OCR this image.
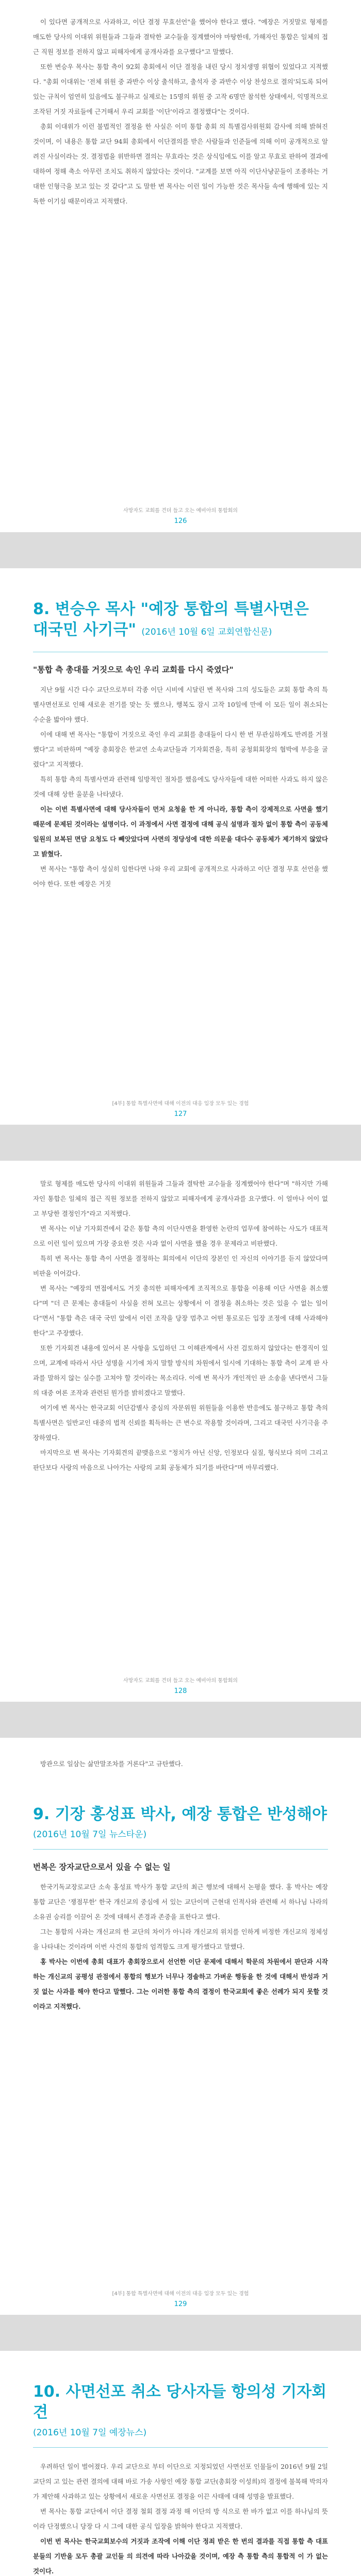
이 있다면 공개적으로 사과하고, 이단 결정 무효선언"을 했어야 한다고 했다. "예장은 거짓말로 형제를 매도한 당사의 이대위 위원들과 그들과 결탁한 교수들을 징계했어야 마땅한데, 가해자인 통합은 일체의 접근 직원 정보를 전하지 않고 피해자에게 공개사과를 요구했다"고 말했다.

또한 변승우 목사는 통합 측이 92회 총회에서 이단 결정을 내린 당시 정치생명 위협이 있었다고 지적했다. "총회 이대위는 '전체 위원 중 과반수 이상 출석하고, 출석자 중 과반수 이상 찬성으로 결의'되도록 되어 있는 규칙이 엄연히 있음에도 불구하고 실제로는 15명의 위원 중 고작 6명만 참석한 상태에서, 익명적으로 조작된 거짓 자료들에 근거해서 우리 교회를 '이단'이라고 결정했다"는 것이다.

총회 이대위가 이런 불법적인 결정을 한 사실은 이미 통합 총회 의 특별검사위원회 감사에 의해 밝혀진 것이며, 이 내용은 통합 교단 94회 총회에서 이단결의를 받은 사람들과 인준들에 의해 이미 공개적으로 알려진 사실이라는 것. 결정법을 위반하면 결의는 무효라는 것은 상식임에도 이를 알고 무효로 판하여 결과에 대하여 정해 축소 아무런 조치도 취하지 않았다는 것이다. "교계를 보면 아직 이단사냥꾼들이 조종하는 거대한 인형극을 보고 있는 것 같다"고 도 말한 변 목사는 이런 일이 가능한 것은 목사들 속에 행해에 있는 지독한 이기심 때문이라고 지적했다.

사망자도 교회를 견뎌 들고 오는 예비아의 통합회의
126
8. 변승우 목사 "예장 통합의 특별사면은 대국민 사기극" (2016년 10월 6일 교회연합신문)

"통합 측 총대를 거짓으로 속인 우리 교회를 다시 죽였다"

지난 9월 시간 다수 교단으로부터 각종 이단 시비에 시달린 변 목사와 그의 성도들은 교회 통합 측의 특별사면선포로 인해 새로운 전기를 맞는 듯 했으나, 행복도 잠시 고작 10일에 만에 이 모든 일이 취소되는 수순을 밟아야 했다.

이에 대해 변 목사는 "통합이 거짓으로 죽인 우리 교회를 총대들이 다시 한 번 무관심하게도 반려를 거절했다"고 비판하며 "예장 총회장은 한교연 소속교단들과 기자회견을, 특히 공청회회장의 협박에 부응을 굴렸다"고 지적했다.

특히 통합 측의 특별사면과 관련해 일방적인 절차를 했음에도 당사자들에 대한 어떠한 사과도 하지 않은 것에 대해 상한 울분을 나타냈다.

이는 이번 특별사면에 대해 당사자들이 먼저 요청을 한 게 아니라, 통합 측이 강제적으로 사면을 했기 때문에 문제된 것이라는 설명이다. 이 과정에서 사면 결정에 대해 공식 설명과 절차 없이 통합 측이 공동체 일원의 보복된 면담 요청도 다 빼앗았다며 사면의 정당성에 대한 의문을 대다수 공동체가 제기하지 않았다고 밝혔다.

변 목사는 "통합 측이 성실히 임한다면 나와 우리 교회에 공개적으로 사과하고 이단 결정 무효 선언을 했어야 한다. 또한 예장은 거짓

[4부] 통합 특별사면에 대해 이전의 대응 입장 모두 있는 경험
127

말로 형제를 매도한 당사의 이대위 위원들과 그들과 결탁한 교수들을 징계했어야 한다"며 "하지만 가해자인 통합은 일체의 접근 직원 정보를 전하지 않았고 피해자에게 공개사과를 요구했다. 이 얼마나 어이 없고 부당한 결정인가"라고 지적했다.

변 목사는 이날 기자회견에서 같은 통합 측의 이단사면을 환영한 논란의 업무에 참여하는 사도가 대표적으로 이런 일이 있으며 가장 중요한 것은 사과 없이 사면을 했을 경우 문제라고 비판했다.

특히 변 목사는 통합 측이 사면을 결정하는 회의에서 이단의 장본인 인 자신의 이야기를 듣지 않았다며 비판을 이어갔다.

변 목사는 "예장의 면접에서도 거짓 총의한 피해자에게 조직적으로 통합을 이용해 이단 사면을 취소했다"며 "더 큰 문제는 총대들이 사실을 전혀 모르는 상황에서 이 결정을 취소하는 것은 있을 수 없는 일이다"면서 "통합 측은 대국 국민 앞에서 이런 조작을 당장 멈추고 어떤 통로로든 입장 조정에 대해 사과해야 한다"고 주장했다.

또한 기자회견 내용에 있어서 본 사항을 도입하던 그 이해관계에서 사전 검토하지 않았다는 한경직이 있으며, 교계에 따라서 사단 성명을 시기에 차지 말할 방식의 차원에서 일시에 기대하는 통합 측이 교계 판 사과를 말하지 않는 실수를 고쳐야 할 것이라는 목소리다. 이에 변 목사가 개인적인 판 소송을 낸다면서 그들의 대중 여론 조작과 관련된 뭔가를 밝히겠다고 말했다.

여기에 변 목사는 한국교회 이단감별사 중심의 자문위원 위원들을 이용한 반응에도 불구하고 통합 측의 특별사면은 일반교인 대중의 법적 신뢰를 획득하는 큰 변수로 작용할 것이라며, 그리고 대국민 사기극을 주장하였다.

마지막으로 변 목사는 기자회견의 끝맺음으로 "정치가 아닌 신앙, 인정보다 실질, 형식보다 의미 그리고 판단보다 사랑의 마음으로 나아가는 사랑의 교회 공동체가 되기를 바란다"며 마무리했다.

사망자도 교회를 견뎌 들고 오는 예비아의 통합회의
128

방관으로 일삼는 삶만말조차를 거론다"고 규탄했다.

9. 기장 홍성표 박사, 예장 통합은 반성해야

(2016년 10월 7일 뉴스타운)

번복은 장자교단으로서 있을 수 없는 일

한국기독교장로교단 소속 홍성표 박사가 통합 교단의 최근 행보에 대해서 논평을 했다. 홍 박사는 예장 통합 교단은 '쟁점무한' 한국 개신교의 중심에 서 있는 교단이며 근현대 인적사와 관련해 서 하나님 나라의 소유권 승리를 이끌어 온 것에 대해서 존경과 존중을 표한다고 했다.

그는 통합의 사과는 개신교의 한 교단의 차이가 아니라 개신교의 위치를 인하게 비정한 개신교의 정체성을 나타내는 것이라며 이번 사건의 통합의 엄격함도 크게 평가했다고 말했다.

홍 박사는 이번에 총회 대표가 총회장으로서 선언한 이단 문제에 대해서 학문의 차원에서 판단과 시작하는 개신교의 공평성 관점에서 통합의 행보가 너무나 경솔하고 가벼운 행동을 한 것에 대해서 반성과 거짓 없는 사과를 해야 한다고 말했다. 그는 이러한 통합 측의 결정이 한국교회에 좋은 선례가 되지 못할 것이라고 지적했다.

[4부] 통합 특별사면에 대해 이전의 대응 입장 모두 있는 경험
129
10. 사면선포 취소 당사자들 항의성 기자회견

(2016년 10월 7일 예장뉴스)

우려하던 일이 벌어졌다. 우리 교단으로 부터 이단으로 지정되었던 사면선포 인물들이 2016년 9월 2일 교단의 고 있는 관련 결의에 대해 바로 가송 사항인 예장 통합 교단(총회장 이성희)의 결정에 불복해 박의자가 제안해 사과하고 있는 상황에서 새로운 사면선포 결정을 이끈 사태에 대해 성명을 발표했다.

변 목사는 통합 교단에서 이단 결정 철회 결정 과정 해 이단의 방 식으로 한 바가 없고 이를 하나님의 뜻이라 단정했으니 당장 다 시 그에 대한 공식 입장을 밝혀야 한다고 지적했다.

이번 번 목사는 한국교회보수의 거짓과 조작에 이해 이단 정죄 받은 한 번의 결과를 직접 통합 측 대표 분들의 기반을 모두 총괄 교인들 의 의견에 따라 나아갔을 것이며, 예장 측 통합 측의 통합적 이 가 없는 것이다.
